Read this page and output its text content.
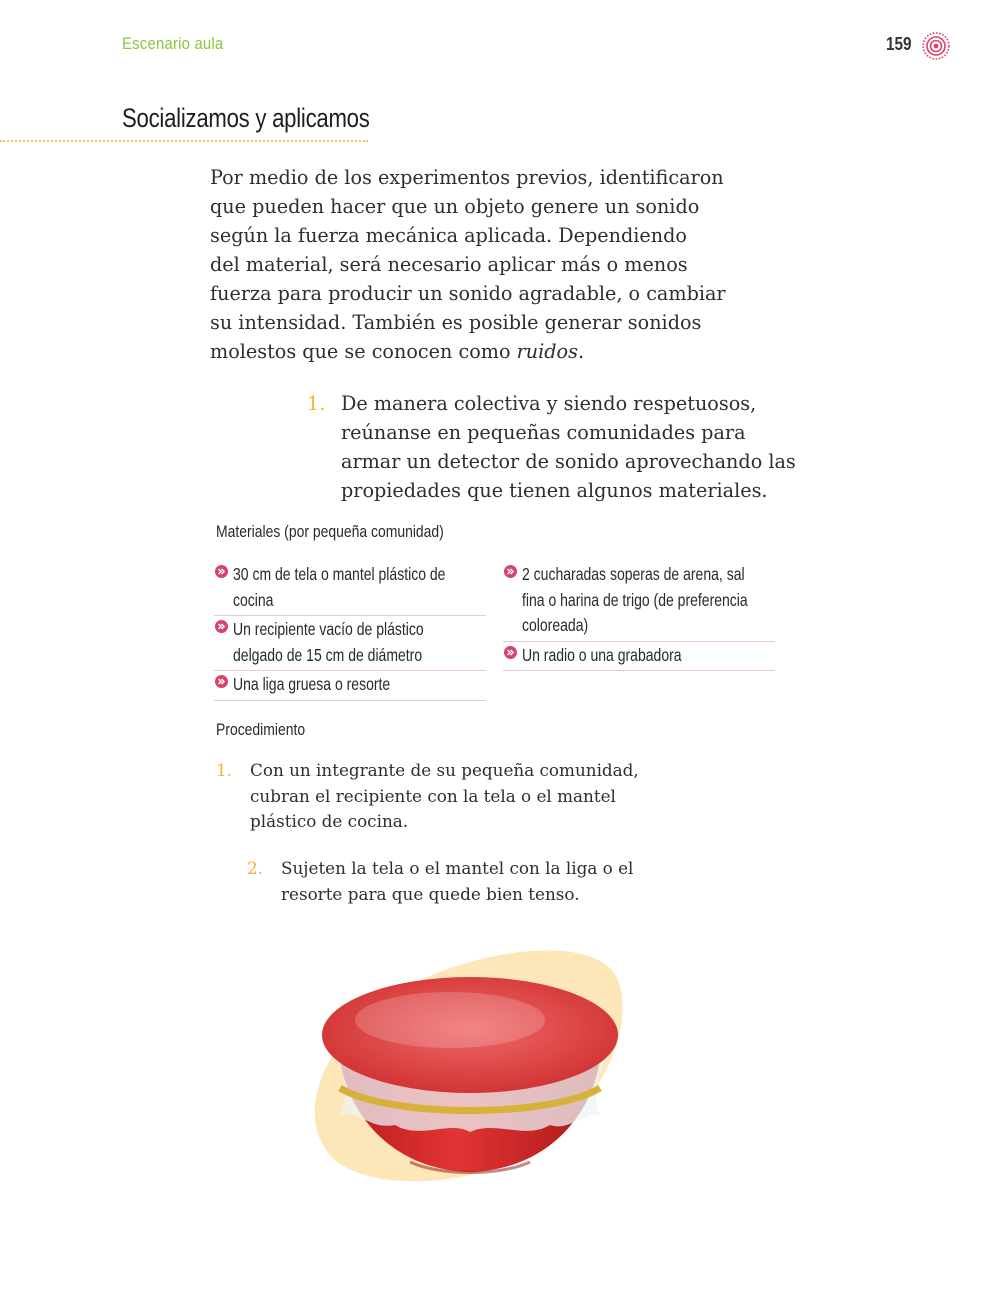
Escenario aula	159
Socializamos y aplicamos

Por medio de los experimentos previos, identificaron
que pueden hacer que un objeto genere un sonido
según la fuerza mecánica aplicada. Dependiendo
del material, será necesario aplicar más o menos
fuerza para producir un sonido agradable, o cambiar
su intensidad. También es posible generar sonidos
molestos que se conocen como ruidos.

1. De manera colectiva y siendo respetuosos,
reúnanse en pequeñas comunidades para
armar un detector de sonido aprovechando las
propiedades que tienen algunos materiales.
Materiales (por pequeña comunidad)
30 cm de tela o mantel plástico de
cocina
Un recipiente vacío de plástico
delgado de 15 cm de diámetro
Una liga gruesa o resorte
2 cucharadas soperas de arena, sal
fina o harina de trigo (de preferencia
coloreada)
Un radio o una grabadora
Procedimiento
1. Con un integrante de su pequeña comunidad,
cubran el recipiente con la tela o el mantel
plástico de cocina.
2. Sujeten la tela o el mantel con la liga o el
resorte para que quede bien tenso.
